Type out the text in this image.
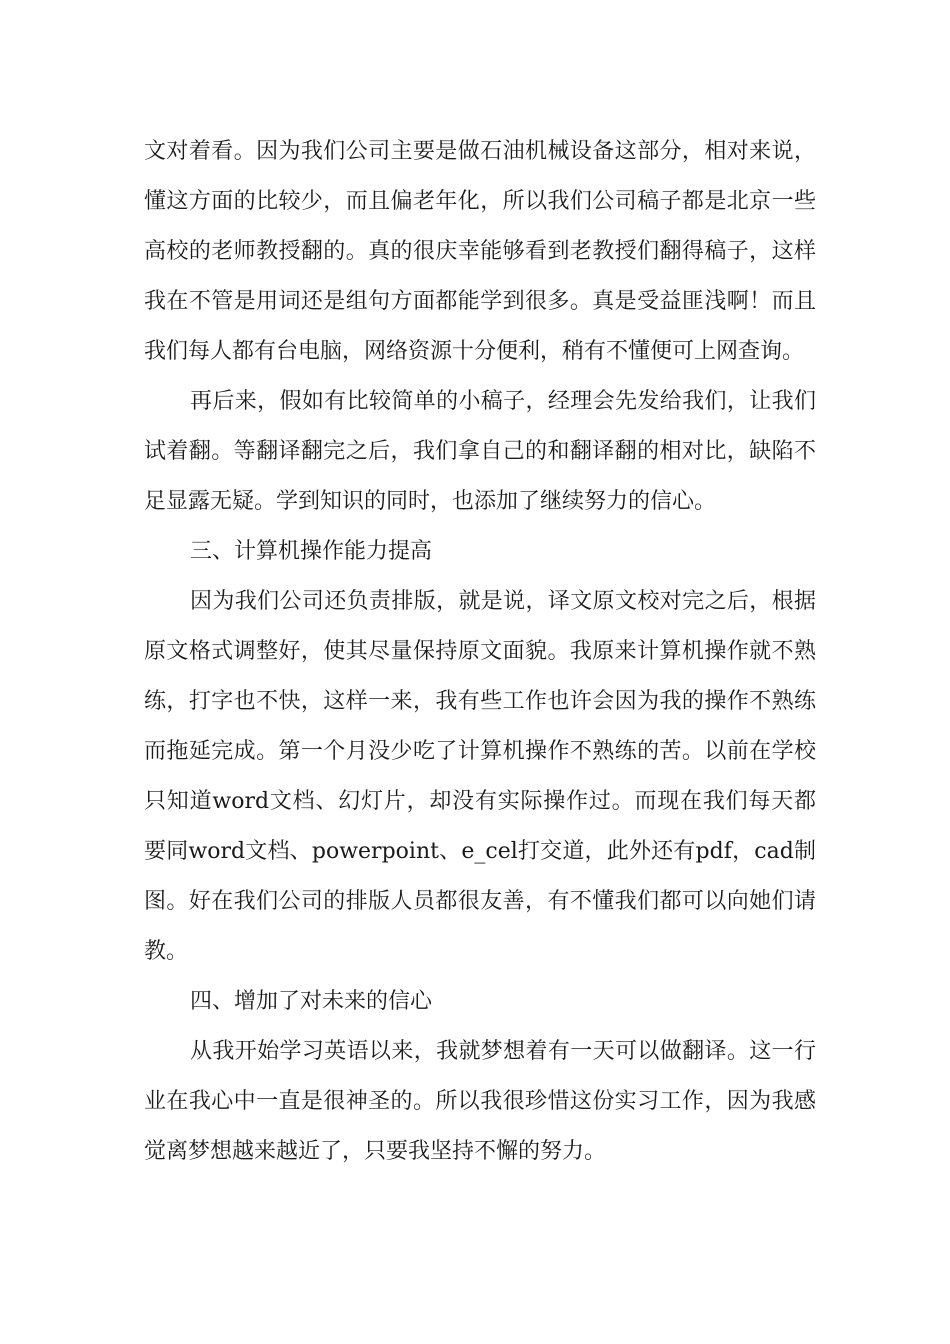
文对着看。因为我们公司主要是做石油机械设备这部分，相对来说，懂这方面的比较少，而且偏老年化，所以我们公司稿子都是北京一些高校的老师教授翻的。真的很庆幸能够看到老教授们翻得稿子，这样我在不管是用词还是组句方面都能学到很多。真是受益匪浅啊！而且我们每人都有台电脑，网络资源十分便利，稍有不懂便可上网查询。

再后来，假如有比较简单的小稿子，经理会先发给我们，让我们试着翻。等翻译翻完之后，我们拿自己的和翻译翻的相对比，缺陷不足显露无疑。学到知识的同时，也添加了继续努力的信心。

三、计算机操作能力提高

因为我们公司还负责排版，就是说，译文原文校对完之后，根据原文格式调整好，使其尽量保持原文面貌。我原来计算机操作就不熟练，打字也不快，这样一来，我有些工作也许会因为我的操作不熟练而拖延完成。第一个月没少吃了计算机操作不熟练的苦。以前在学校只知道word文档、幻灯片，却没有实际操作过。而现在我们每天都要同word文档、powerpoint、e_cel打交道，此外还有pdf，cad制图。好在我们公司的排版人员都很友善，有不懂我们都可以向她们请教。

四、增加了对未来的信心

从我开始学习英语以来，我就梦想着有一天可以做翻译。这一行业在我心中一直是很神圣的。所以我很珍惜这份实习工作，因为我感觉离梦想越来越近了，只要我坚持不懈的努力。
